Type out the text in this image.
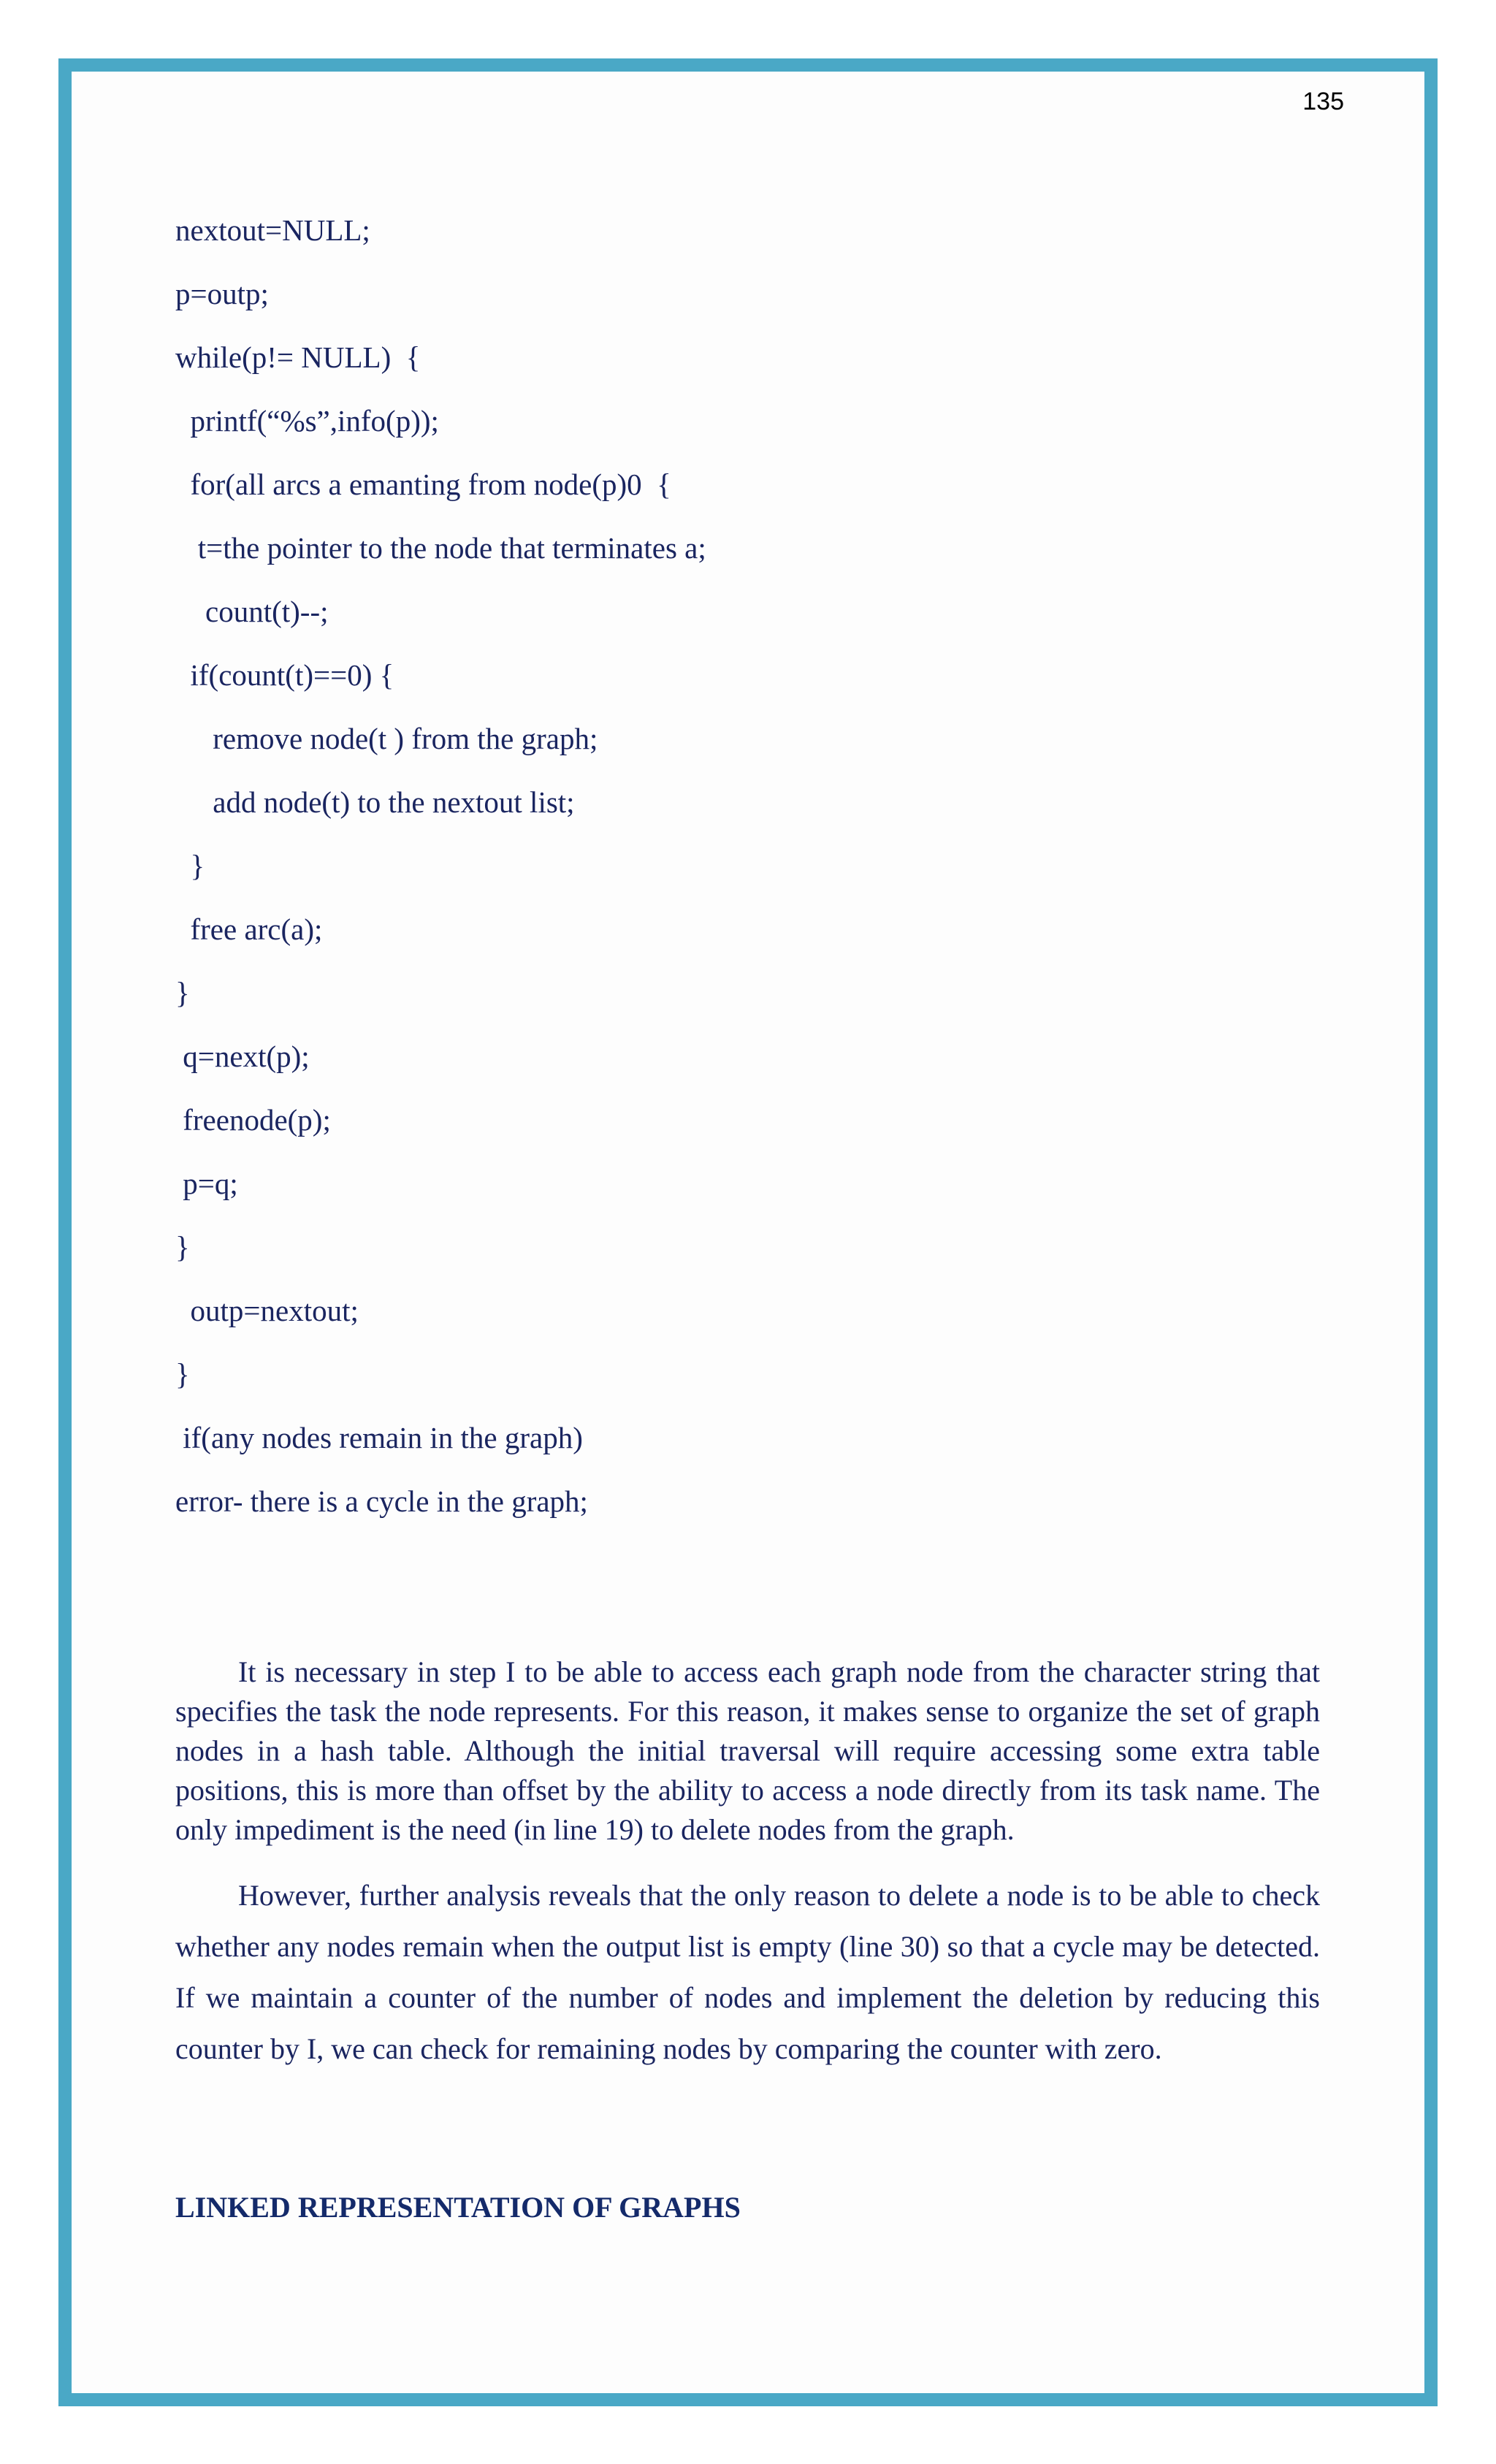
135
nextout=NULL;
p=outp;
while(p!= NULL)  {
printf(“%s”,info(p));
for(all arcs a emanting from node(p)0  {
t=the pointer to the node that terminates a;
count(t)--;
if(count(t)==0) {
remove node(t ) from the graph;
add node(t) to the nextout list;
}
free arc(a);
}
q=next(p);
freenode(p);
p=q;
}
outp=nextout;
}
if(any nodes remain in the graph)
error- there is a cycle in the graph;

It is necessary in step I to be able to access each graph node from the character string that specifies the task the node represents. For this reason, it makes sense to organize the set of graph nodes in a hash table. Although the initial traversal will require accessing some extra table positions, this is more than offset by the ability to access a node directly from its task name. The only impediment is the need (in line 19) to delete nodes from the graph.

However, further analysis reveals that the only reason to delete a node is to be able to check whether any nodes remain when the output list is empty (line 30) so that a cycle may be detected. If we maintain a counter of the number of nodes and implement the deletion by reducing this counter by I, we can check for remaining nodes by comparing the counter with zero.

LINKED REPRESENTATION OF GRAPHS
